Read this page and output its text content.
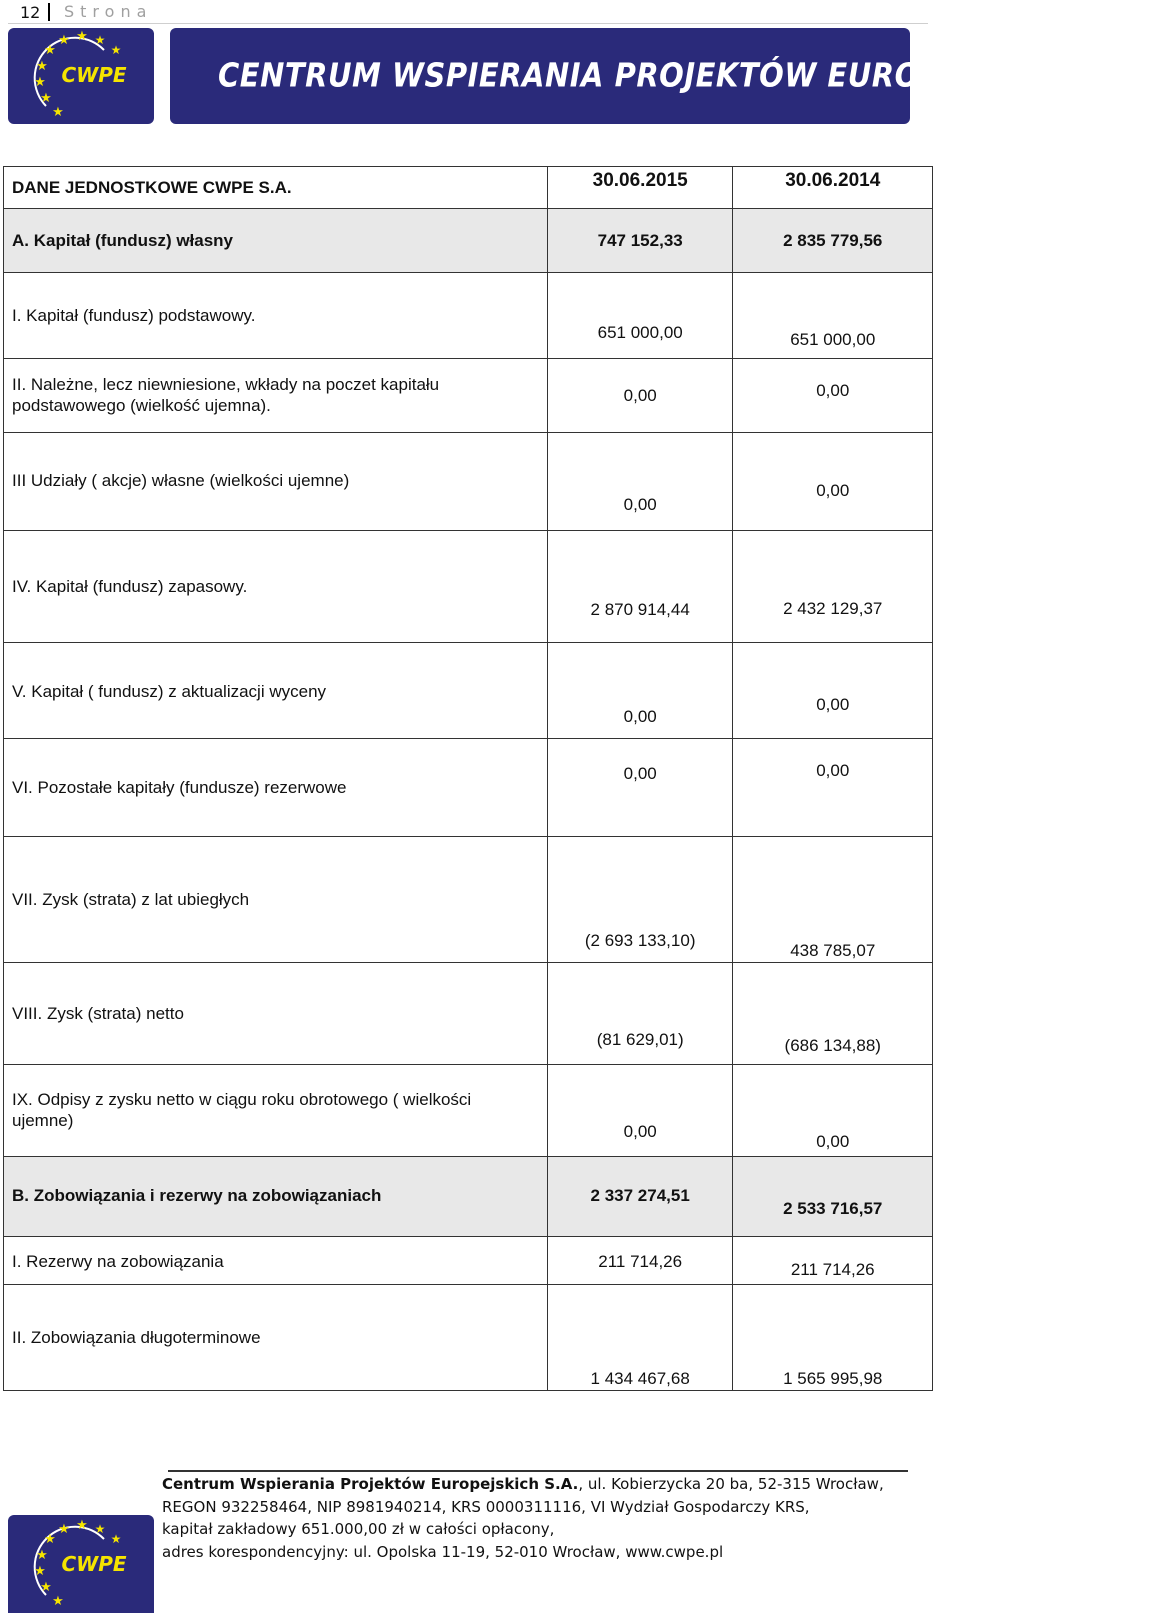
12 Strona
★
★
★
★
★
★
★
★
★
CWPE	CENTRUM WSPIERANIA PROJEKTÓW EUROPEJSKICH S.A.
DANE JEDNOSTKOWE CWPE S.A.	30.06.2015	30.06.2014

A. Kapitał (fundusz) własny	747 152,33	2 835 779,56

I. Kapitał (fundusz) podstawowy.	651 000,00	651 000,00

II. Należne, lecz niewniesione, wkłady na poczet kapitału podstawowego (wielkość ujemna).	0,00	0,00

III Udziały ( akcje) własne (wielkości ujemne)	0,00	0,00

IV. Kapitał (fundusz) zapasowy.	2 870 914,44	2 432 129,37

V. Kapitał ( fundusz) z aktualizacji wyceny	0,00	0,00

VI. Pozostałe kapitały (fundusze) rezerwowe	0,00	0,00

VII. Zysk (strata) z lat ubiegłych	(2 693 133,10)	438 785,07

VIII. Zysk (strata) netto	(81 629,01)	(686 134,88)

IX. Odpisy z zysku netto w ciągu roku obrotowego ( wielkości ujemne)	0,00	0,00

B. Zobowiązania i rezerwy na zobowiązaniach	2 337 274,51	2 533 716,57

I. Rezerwy na zobowiązania	211 714,26	211 714,26

II. Zobowiązania długoterminowe	1 434 467,68	1 565 995,98
★
★
★
★
★
★
★
★
★
CWPE
Centrum Wspierania Projektów Europejskich S.A., ul. Kobierzycka 20 ba, 52-315 Wrocław,
REGON 932258464, NIP 8981940214, KRS 0000311116, VI Wydział Gospodarczy KRS,
kapitał zakładowy 651.000,00 zł w całości opłacony,
adres korespondencyjny: ul. Opolska 11-19, 52-010 Wrocław, www.cwpe.pl
